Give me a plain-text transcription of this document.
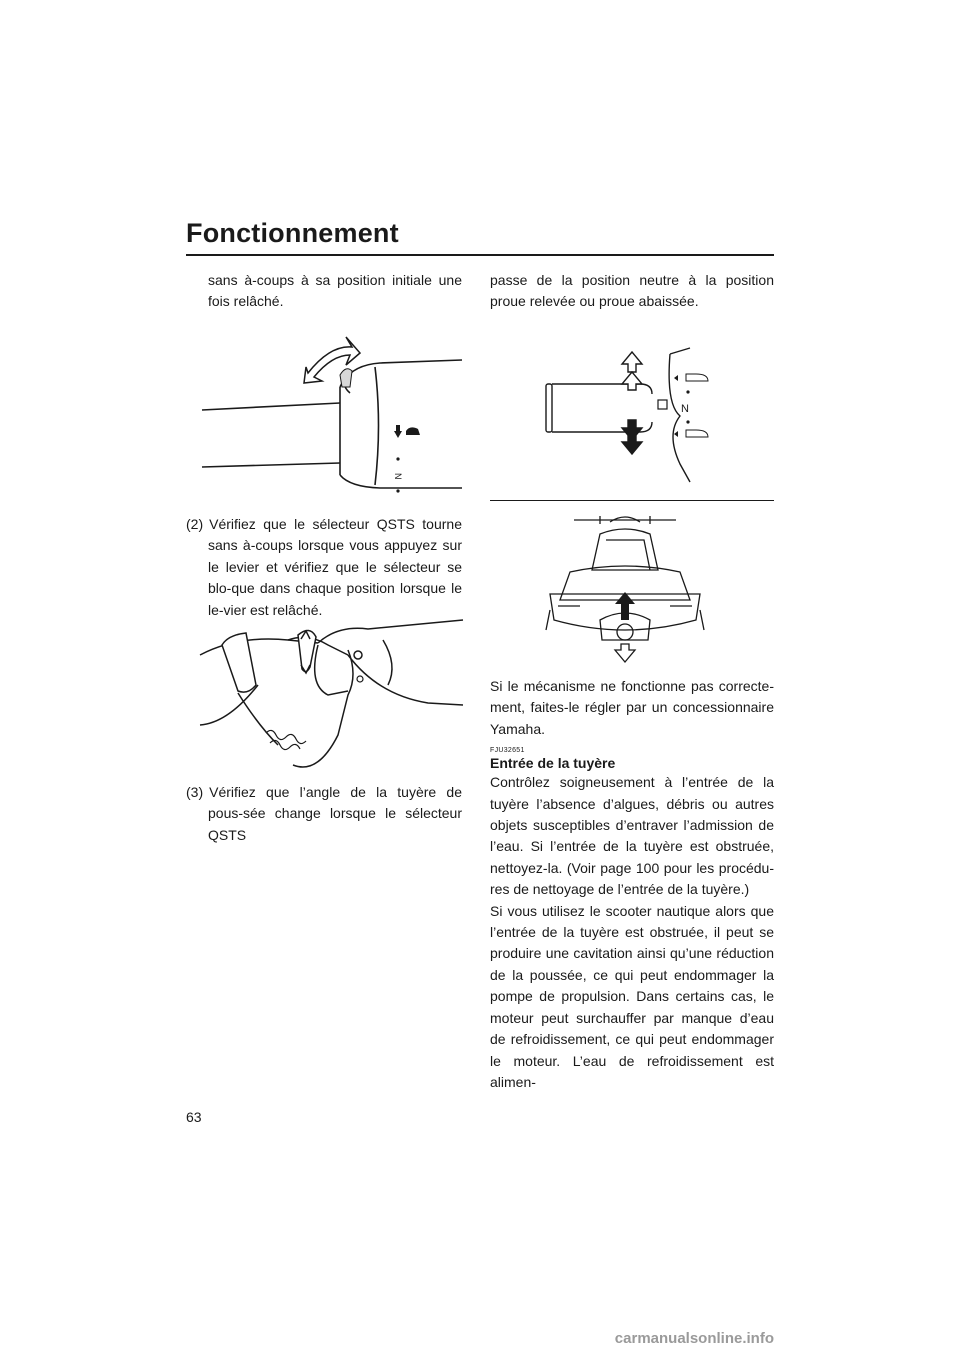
Fonctionnement

sans à-coups à sa position initiale une fois relâché.

N

(2) Vérifiez que le sélecteur QSTS tourne sans à-coups lorsque vous appuyez sur le levier et vérifiez que le sélecteur se blo-que dans chaque position lorsque le le-vier est relâché.

(3) Vérifiez que l’angle de la tuyère de pous-sée change lorsque le sélecteur QSTS

passe de la position neutre à la position proue relevée ou proue abaissée.

N

Si le mécanisme ne fonctionne pas correcte-ment, faites-le régler par un concessionnaire Yamaha.

FJU32651

Entrée de la tuyère

Contrôlez soigneusement à l’entrée de la tuyère l’absence d’algues, débris ou autres objets susceptibles d’entraver l’admission de l’eau. Si l’entrée de la tuyère est obstruée, nettoyez-la. (Voir page 100 pour les procédu-res de nettoyage de l’entrée de la tuyère.)

Si vous utilisez le scooter nautique alors que l’entrée de la tuyère est obstruée, il peut se produire une cavitation ainsi qu’une réduction de la poussée, ce qui peut endommager la pompe de propulsion. Dans certains cas, le moteur peut surchauffer par manque d’eau de refroidissement, ce qui peut endommager le moteur. L’eau de refroidissement est alimen-

63
carmanualsonline.info
